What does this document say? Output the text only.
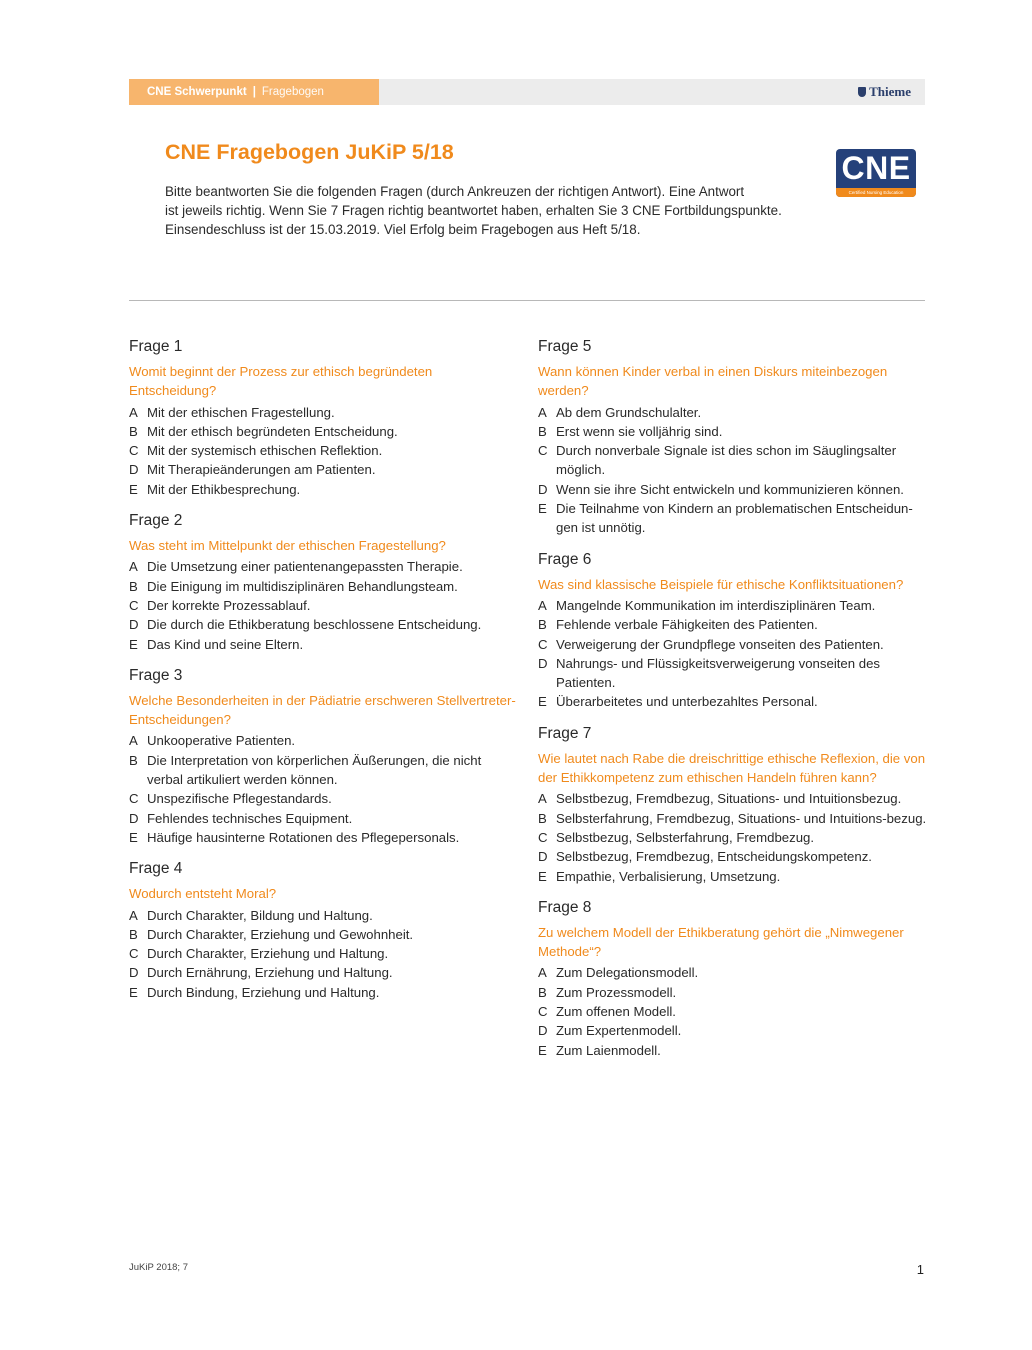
CNE Schwerpunkt | Fragebogen	Thieme
CNE Fragebogen JuKiP 5/18

Bitte beantworten Sie die folgenden Fragen (durch Ankreuzen der richtigen Antwort). Eine Antwort
ist jeweils richtig. Wenn Sie 7 Fragen richtig beantwortet haben, erhalten Sie 3 CNE Fortbildungspunkte.
Einsendeschluss ist der 15.03.2019. Viel Erfolg beim Fragebogen aus Heft 5/18.

CNE
Certified Nursing Education
Frage 1
Womit beginnt der Prozess zur ethisch begründeten Entscheidung?
A Mit der ethischen Fragestellung.
B Mit der ethisch begründeten Entscheidung.
C Mit der systemisch ethischen Reflektion.
D Mit Therapieänderungen am Patienten.
E Mit der Ethikbesprechung.
Frage 2
Was steht im Mittelpunkt der ethischen Fragestellung?
A Die Umsetzung einer patientenangepassten Therapie.
B Die Einigung im multidisziplinären Behandlungsteam.
C Der korrekte Prozessablauf.
D Die durch die Ethikberatung beschlossene Entscheidung.
E Das Kind und seine Eltern.
Frage 3
Welche Besonderheiten in der Pädiatrie erschweren Stellvertreter-Entscheidungen?
A Unkooperative Patienten.
B Die Interpretation von körperlichen Äußerungen, die nicht verbal artikuliert werden können.
C Unspezifische Pflegestandards.
D Fehlendes technisches Equipment.
E Häufige hausinterne Rotationen des Pflegepersonals.
Frage 4
Wodurch entsteht Moral?
A Durch Charakter, Bildung und Haltung.
B Durch Charakter, Erziehung und Gewohnheit.
C Durch Charakter, Erziehung und Haltung.
D Durch Ernährung, Erziehung und Haltung.
E Durch Bindung, Erziehung und Haltung.
Frage 5
Wann können Kinder verbal in einen Diskurs miteinbezogen werden?
A Ab dem Grundschulalter.
B Erst wenn sie volljährig sind.
C Durch nonverbale Signale ist dies schon im Säuglingsalter möglich.
D Wenn sie ihre Sicht entwickeln und kommunizieren können.
E Die Teilnahme von Kindern an problematischen Entscheidun-gen ist unnötig.
Frage 6
Was sind klassische Beispiele für ethische Konfliktsituationen?
A Mangelnde Kommunikation im interdisziplinären Team.
B Fehlende verbale Fähigkeiten des Patienten.
C Verweigerung der Grundpflege vonseiten des Patienten.
D Nahrungs- und Flüssigkeitsverweigerung vonseiten des Patienten.
E Überarbeitetes und unterbezahltes Personal.
Frage 7
Wie lautet nach Rabe die dreischrittige ethische Reflexion, die von der Ethikkompetenz zum ethischen Handeln führen kann?
A Selbstbezug, Fremdbezug, Situations- und Intuitionsbezug.
B Selbsterfahrung, Fremdbezug, Situations- und Intuitions-bezug.
C Selbstbezug, Selbsterfahrung, Fremdbezug.
D Selbstbezug, Fremdbezug, Entscheidungskompetenz.
E Empathie, Verbalisierung, Umsetzung.
Frage 8
Zu welchem Modell der Ethikberatung gehört die „Nimwegener Methode“?
A Zum Delegationsmodell.
B Zum Prozessmodell.
C Zum offenen Modell.
D Zum Expertenmodell.
E Zum Laienmodell.
JuKiP 2018; 7	1
